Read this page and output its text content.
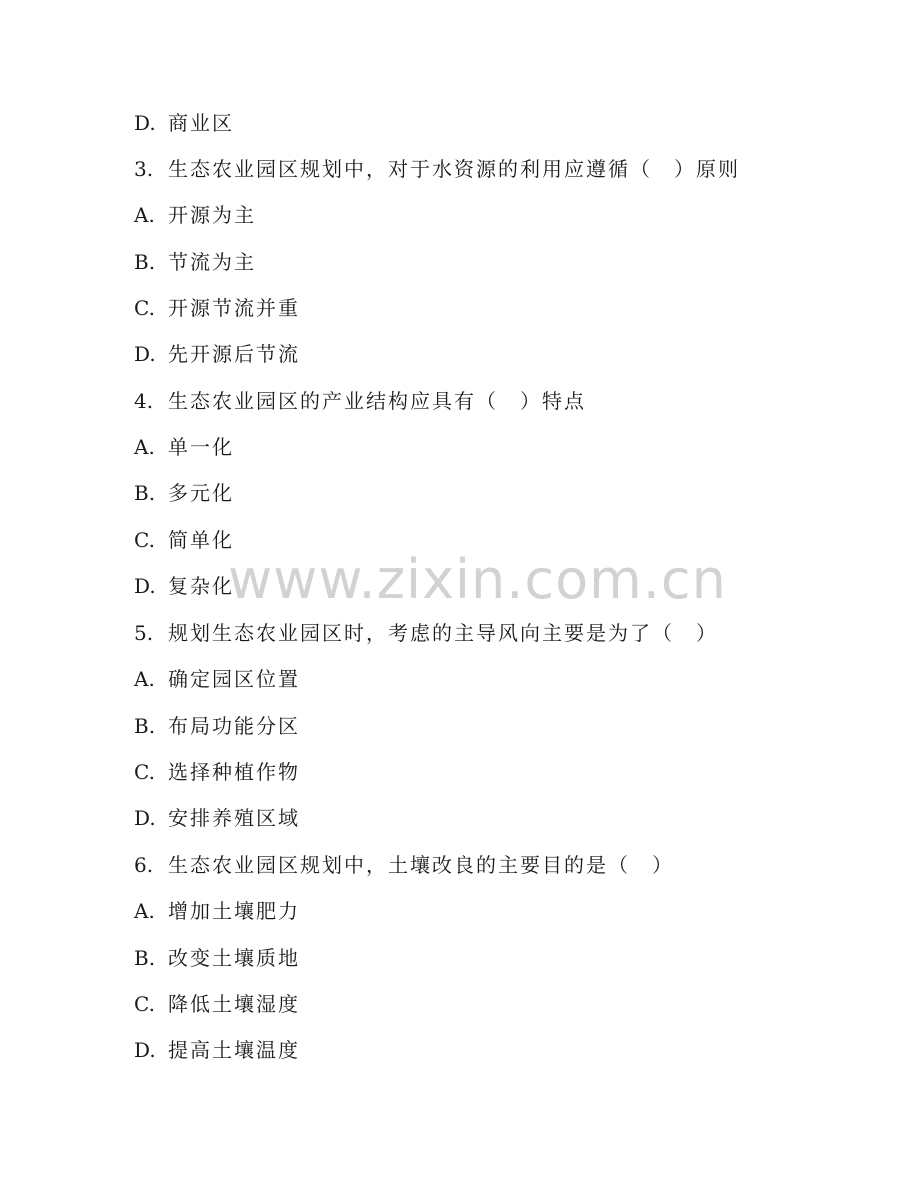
D. 商业区
3. 生态农业园区规划中，对于水资源的利用应遵循（　）原则
A. 开源为主
B. 节流为主
C. 开源节流并重
D. 先开源后节流
4. 生态农业园区的产业结构应具有（　）特点
A. 单一化
B. 多元化
C. 简单化
D. 复杂化
5. 规划生态农业园区时，考虑的主导风向主要是为了（　）
A. 确定园区位置
B. 布局功能分区
C. 选择种植作物
D. 安排养殖区域
6. 生态农业园区规划中，土壤改良的主要目的是（　）
A. 增加土壤肥力
B. 改变土壤质地
C. 降低土壤湿度
D. 提高土壤温度
www.zixin.com.cn
